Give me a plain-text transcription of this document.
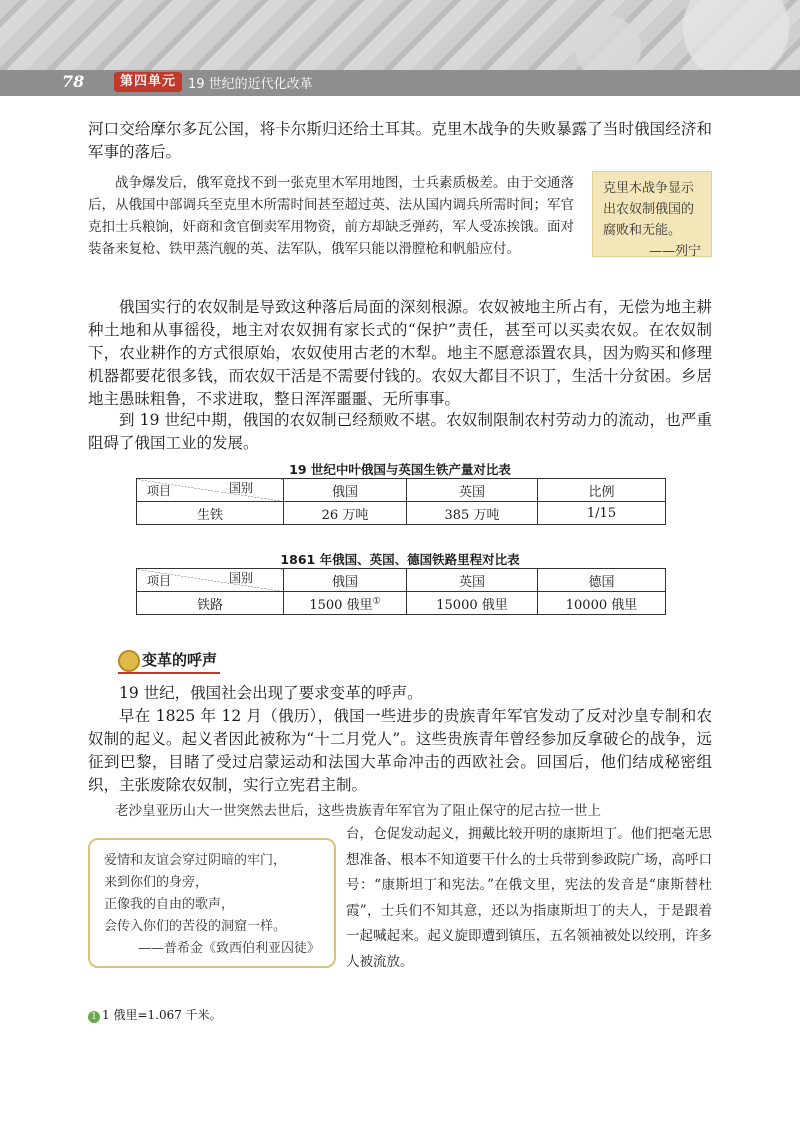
78	第四单元 19 世纪的近代化改革
河口交给摩尔多瓦公国，将卡尔斯归还给土耳其。克里木战争的失败暴露了当时俄国经济和军事的落后。
战争爆发后，俄军竟找不到一张克里木军用地图，士兵素质极差。由于交通落后，从俄国中部调兵至克里木所需时间甚至超过英、法从国内调兵所需时间；军官克扣士兵粮饷，奸商和贪官倒卖军用物资，前方却缺乏弹药，军人受冻挨饿。面对装备来复枪、铁甲蒸汽舰的英、法军队，俄军只能以滑膛枪和帆船应付。
克里木战争显示出农奴制俄国的腐败和无能。
——列宁
俄国实行的农奴制是导致这种落后局面的深刻根源。农奴被地主所占有，无偿为地主耕种土地和从事徭役，地主对农奴拥有家长式的“保护”责任，甚至可以买卖农奴。在农奴制下，农业耕作的方式很原始，农奴使用古老的木犁。地主不愿意添置农具，因为购买和修理机器都要花很多钱，而农奴干活是不需要付钱的。农奴大都目不识丁，生活十分贫困。乡居地主愚昧粗鲁，不求进取，整日浑浑噩噩、无所事事。
到 19 世纪中期，俄国的农奴制已经颓败不堪。农奴制限制农村劳动力的流动，也严重阻碍了俄国工业的发展。
19 世纪中叶俄国与英国生铁产量对比表
项目 国别	俄国	英国	比例
生铁	26 万吨	385 万吨	1/15
1861 年俄国、英国、德国铁路里程对比表
项目 国别	俄国	英国	德国
铁路	1500 俄里①	15000 俄里	10000 俄里
变革的呼声
19 世纪，俄国社会出现了要求变革的呼声。
早在 1825 年 12 月（俄历），俄国一些进步的贵族青年军官发动了反对沙皇专制和农奴制的起义。起义者因此被称为“十二月党人”。这些贵族青年曾经参加反拿破仑的战争，远征到巴黎，目睹了受过启蒙运动和法国大革命冲击的西欧社会。回国后，他们结成秘密组织，主张废除农奴制，实行立宪君主制。
老沙皇亚历山大一世突然去世后，这些贵族青年军官为了阻止保守的尼古拉一世上
台，仓促发动起义，拥戴比较开明的康斯坦丁。他们把毫无思想准备、根本不知道要干什么的士兵带到参政院广场，高呼口号：“康斯坦丁和宪法。”在俄文里，宪法的发音是“康斯替杜霞”，士兵们不知其意，还以为指康斯坦丁的夫人，于是跟着一起喊起来。起义旋即遭到镇压，五名领袖被处以绞刑，许多人被流放。
爱情和友谊会穿过阴暗的牢门，
来到你们的身旁，
正像我的自由的歌声，
会传入你们的苦役的洞窟一样。
——普希金《致西伯利亚囚徒》
1 1 俄里=1.067 千米。
